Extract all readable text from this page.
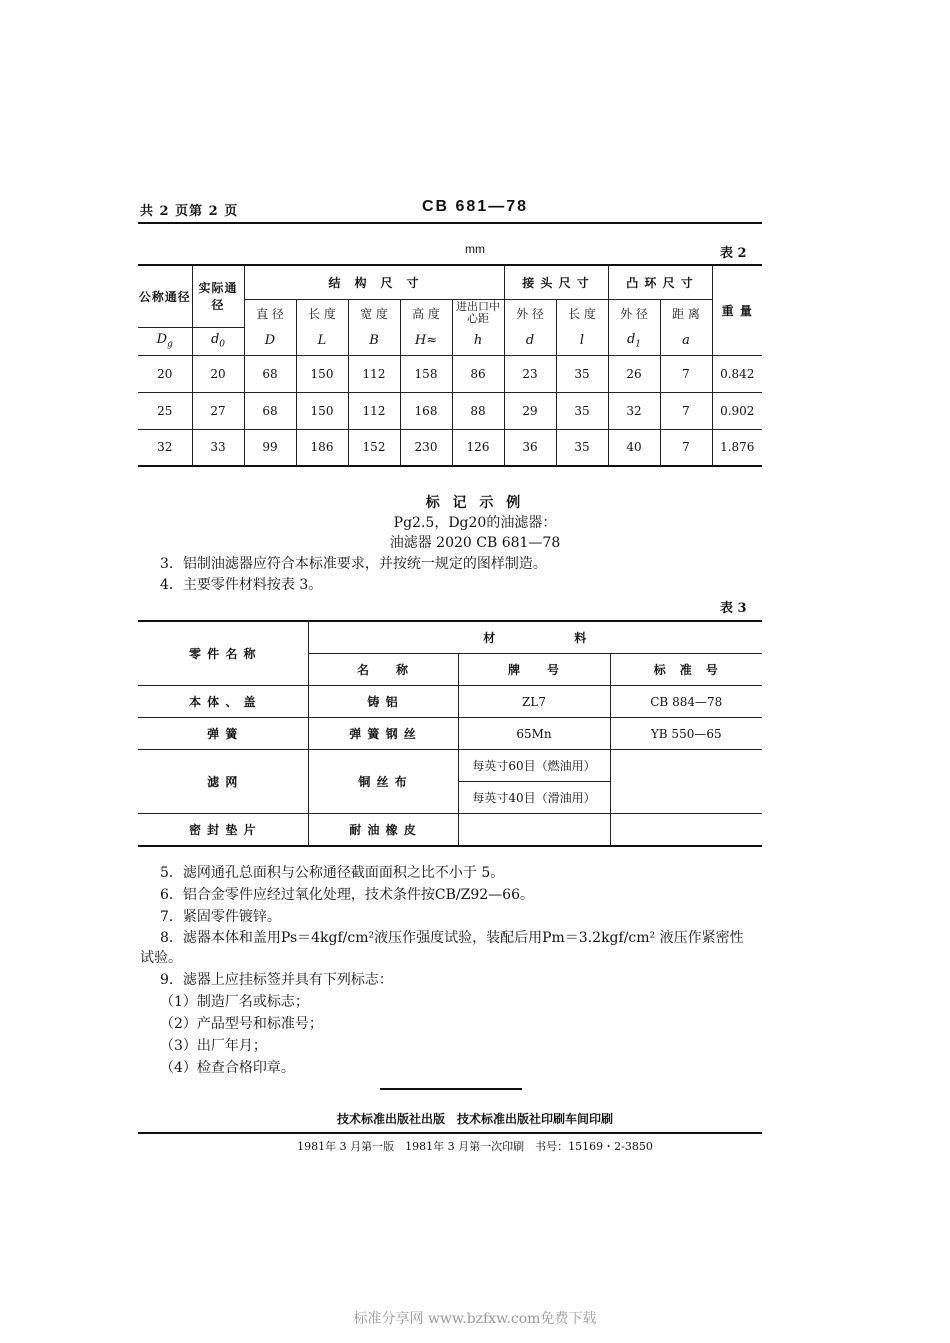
共 2 页第 2 页	CB 681—78
mm	表 2
公称通径	实际通径	结　构　尺　寸					接 头 尺 寸		凸 环 尺 寸		重 量
		直 径	长 度	宽 度	高 度	进出口中心距	外 径	长 度	外 径	距 离	
$D_g$	$d_0$	D	L	B	H≈	h	d	l	$d_1$	a	
20	20	68	150	112	158	86	23	35	26	7	0.842
25	27	68	150	112	168	88	29	35	32	7	0.902
32	33	99	186	152	230	126	36	35	40	7	1.876
标 记 示 例
Pg2.5，Dg20的油滤器：
油滤器 2020 CB 681—78
3．铝制油滤器应符合本标准要求，并按统一规定的图样制造。
4．主要零件材料按表 3。
表 3
零 件 名 称	材　　　　　　料		
	名　　称	牌　　号	标　准　号
本 体 、 盖	铸 铝	ZL7	CB 884—78
弹 簧	弹 簧 钢 丝	65Mn	YB 550—65
滤 网	铜 丝 布	每英寸60目（燃油用）	
		每英寸40目（滑油用）	
密 封 垫 片	耐 油 橡 皮		
5．滤网通孔总面积与公称通径截面面积之比不小于 5。
6．铝合金零件应经过氧化处理，技术条件按CB/Z92—66。
7．紧固零件镀锌。
8．滤器本体和盖用Ps＝4kgf/cm²液压作强度试验，装配后用Pm＝3.2kgf/cm² 液压作紧密性
试验。
9．滤器上应挂标签并具有下列标志：
（1）制造厂名或标志；
（2）产品型号和标准号；
（3）出厂年月；
（4）检查合格印章。
技术标准出版社出版　技术标准出版社印刷车间印刷
1981年 3 月第一版　1981年 3 月第一次印刷　书号：15169・2-3850
标准分享网 www.bzfxw.com免费下载
